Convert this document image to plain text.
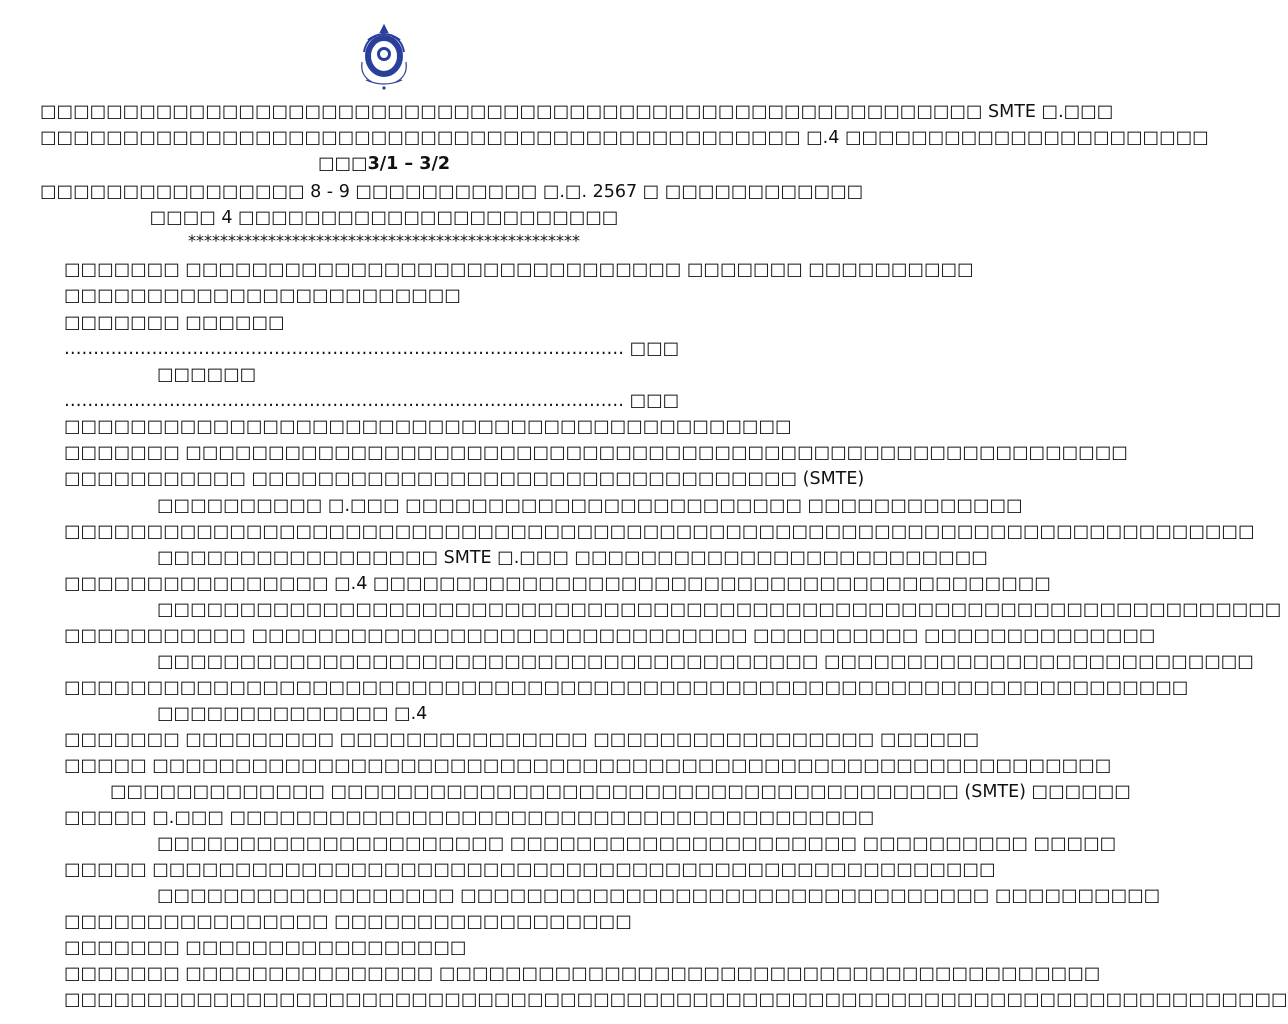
□□□□□□□□□□□□□□□□□□□□□□□□□□□□□□□□□□□□□□□□□□□□□□□□□□□□□□□□□ SMTE □.□□□
□□□□□□□□□□□□□□□□□□□□□□□□□□□□□□□□□□□□□□□□□□□□□□ □.4 □□□□□□□□□□□□□□□□□□□□□□
□□□3/1 – 3/2
□□□□□□□□□□□□□□□□ 8 - 9 □□□□□□□□□□□ □.□. 2567 □ □□□□□□□□□□□□
□□□□ 4 □□□□□□□□□□□□□□□□□□□□□□□
*************************************************
□□□□□□□ □□□□□□□□□□□□□□□□□□□□□□□□□□□□□□ □□□□□□□ □□□□□□□□□□
□□□□□□□□□□□□□□□□□□□□□□□□
□□□□□□□ □□□□□□
…………………………………………………………………………………… □□□
□□□□□□
…………………………………………………………………………………… □□□
□□□□□□□□□□□□□□□□□□□□□□□□□□□□□□□□□□□□□□□□□□□□
□□□□□□□ □□□□□□□□□□□□□□□□□□□□□□□□□□□□□□□□□□□□□□□□□□□□□□□□□□□□□□□□□
□□□□□□□□□□□ □□□□□□□□□□□□□□□□□□□□□□□□□□□□□□□□□ (SMTE)
□□□□□□□□□□ □.□□□ □□□□□□□□□□□□□□□□□□□□□□□□ □□□□□□□□□□□□□
□□□□□□□□□□□□□□□□□□□□□□□□□□□□□□□□□□□□□□□□□□□□□□□□□□□□□□□□□□□□□□□□□□□□□□□□
□□□□□□□□□□□□□□□□□ SMTE □.□□□ □□□□□□□□□□□□□□□□□□□□□□□□□
□□□□□□□□□□□□□□□□ □.4 □□□□□□□□□□□□□□□□□□□□□□□□□□□□□□□□□□□□□□□□□
□□□□□□□□□□□□□□□□□□□□□□□□□□□□□□□□□□□□□□□□□□□□□□□□□□□□□□□□□□□□□□□□□□□□
□□□□□□□□□□□ □□□□□□□□□□□□□□□□□□□□□□□□□□□□□□ □□□□□□□□□□ □□□□□□□□□□□□□□
□□□□□□□□□□□□□□□□□□□□□□□□□□□□□□□□□□□□□□□□ □□□□□□□□□□□□□□□□□□□□□□□□□□
□□□□□□□□□□□□□□□□□□□□□□□□□□□□□□□□□□□□□□□□□□□□□□□□□□□□□□□□□□□□□□□□□□□□
□□□□□□□□□□□□□□ □.4
□□□□□□□ □□□□□□□□□ □□□□□□□□□□□□□□□ □□□□□□□□□□□□□□□□□ □□□□□□
□□□□□ □□□□□□□□□□□□□□□□□□□□□□□□□□□□□□□□□□□□□□□□□□□□□□□□□□□□□□□□□□
□□□□□□□□□□□□□ □□□□□□□□□□□□□□□□□□□□□□□□□□□□□□□□□□□□□□ (SMTE) □□□□□□
□□□□□ □.□□□ □□□□□□□□□□□□□□□□□□□□□□□□□□□□□□□□□□□□□□□
□□□□□□□□□□□□□□□□□□□□□ □□□□□□□□□□□□□□□□□□□□□ □□□□□□□□□□ □□□□□
□□□□□ □□□□□□□□□□□□□□□□□□□□□□□□□□□□□□□□□□□□□□□□□□□□□□□□□□□
□□□□□□□□□□□□□□□□□□ □□□□□□□□□□□□□□□□□□□□□□□□□□□□□□□□ □□□□□□□□□□
□□□□□□□□□□□□□□□□ □□□□□□□□□□□□□□□□□□
□□□□□□□ □□□□□□□□□□□□□□□□□
□□□□□□□ □□□□□□□□□□□□□□□ □□□□□□□□□□□□□□□□□□□□□□□□□□□□□□□□□□□□□□□□
□□□□□□□□□□□□□□□□□□□□□□□□□□□□□□□□□□□□□□□□□□□□□□□□□□□□□□□□□□□□□□□□□□□□□□□□□□
